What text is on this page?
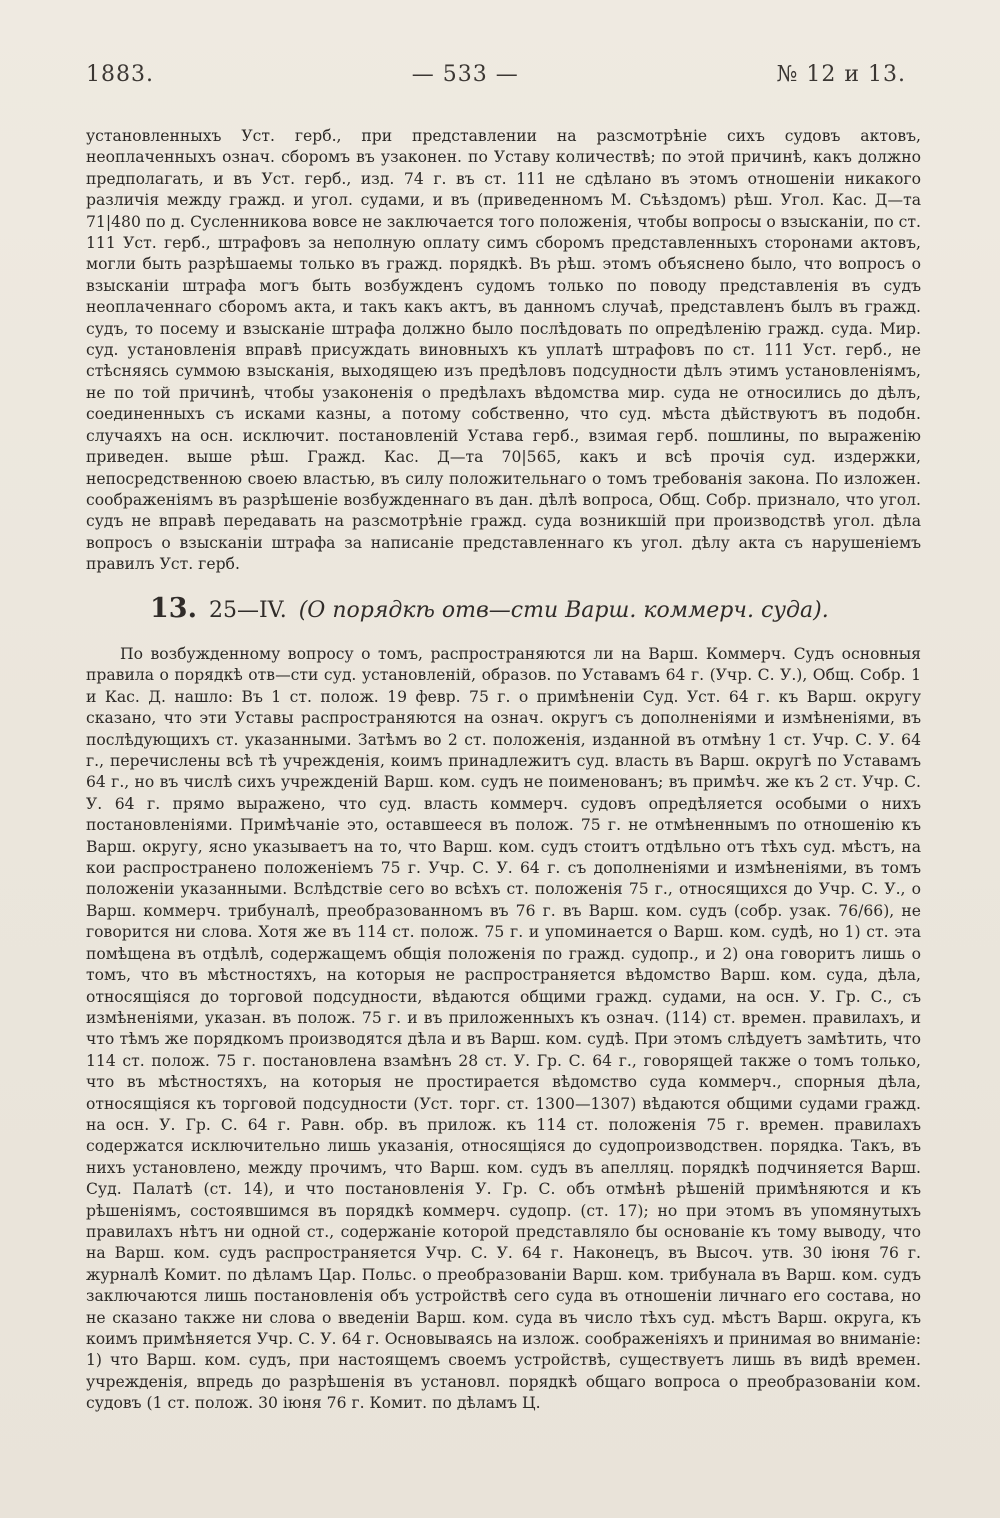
1883.	— 533 —	№ 12 и 13.

установленныхъ Уст. герб., при представлении на разсмотрѣніе сихъ судовъ актовъ, неоплаченныхъ означ. сборомъ въ узаконен. по Уставу количествѣ; по этой причинѣ, какъ должно предполагать, и въ Уст. герб., изд. 74 г. въ ст. 111 не сдѣлано въ этомъ отношеніи никакого различія между гражд. и угол. судами, и въ (приведенномъ М. Съѣздомъ) рѣш. Угол. Кас. Д—та 71|480 по д. Сусленникова вовсе не заключается того положенія, чтобы вопросы о взысканіи, по ст. 111 Уст. герб., штрафовъ за неполную оплату симъ сборомъ представленныхъ сторонами актовъ, могли быть разрѣшаемы только въ гражд. порядкѣ. Въ рѣш. этомъ объяснено было, что вопросъ о взысканіи штрафа могъ быть возбужденъ судомъ только по поводу представленія въ судъ неоплаченнаго сборомъ акта, и такъ какъ актъ, въ данномъ случаѣ, представленъ былъ въ гражд. судъ, то посему и взысканіе штрафа должно было послѣдовать по опредѣленію гражд. суда. Мир. суд. установленія вправѣ присуждать виновныхъ къ уплатѣ штрафовъ по ст. 111 Уст. герб., не стѣсняясь суммою взысканія, выходящею изъ предѣловъ подсудности дѣлъ этимъ установленіямъ, не по той причинѣ, чтобы узаконенія о предѣлахъ вѣдомства мир. суда не относились до дѣлъ, соединенныхъ съ исками казны, а потому собственно, что суд. мѣста дѣйствуютъ въ подобн. случаяхъ на осн. исключит. постановленій Устава герб., взимая герб. пошлины, по выраженію приведен. выше рѣш. Гражд. Кас. Д—та 70|565, какъ и всѣ прочія суд. издержки, непосредственною своею властью, въ силу положительнаго о томъ требованія закона. По изложен. соображеніямъ въ разрѣшеніе возбужденнаго въ дан. дѣлѣ вопроса, Общ. Собр. признало, что угол. судъ не вправѣ передавать на разсмотрѣніе гражд. суда возникшій при производствѣ угол. дѣла вопросъ о взысканіи штрафа за написаніе представленнаго къ угол. дѣлу акта съ нарушеніемъ правилъ Уст. герб.

13. 25—IV. (О порядкѣ отв—сти Варш. коммерч. суда).

По возбужденному вопросу о томъ, распространяются ли на Варш. Коммерч. Судъ основныя правила о порядкѣ отв—сти суд. установленій, образов. по Уставамъ 64 г. (Учр. С. У.), Общ. Собр. 1 и Кас. Д. нашло: Въ 1 ст. полож. 19 февр. 75 г. о примѣненіи Суд. Уст. 64 г. къ Варш. округу сказано, что эти Уставы распространяются на означ. округъ съ дополненіями и измѣненіями, въ послѣдующихъ ст. указанными. Затѣмъ во 2 ст. положенія, изданной въ отмѣну 1 ст. Учр. С. У. 64 г., перечислены всѣ тѣ учрежденія, коимъ принадлежитъ суд. власть въ Варш. округѣ по Уставамъ 64 г., но въ числѣ сихъ учрежденій Варш. ком. судъ не поименованъ; въ примѣч. же къ 2 ст. Учр. С. У. 64 г. прямо выражено, что суд. власть коммерч. судовъ опредѣляется особыми о нихъ постановленіями. Примѣчаніе это, оставшееся въ полож. 75 г. не отмѣненнымъ по отношенію къ Варш. округу, ясно указываетъ на то, что Варш. ком. судъ стоитъ отдѣльно отъ тѣхъ суд. мѣстъ, на кои распространено положеніемъ 75 г. Учр. С. У. 64 г. съ дополненіями и измѣненіями, въ томъ положеніи указанными. Вслѣдствіе сего во всѣхъ ст. положенія 75 г., относящихся до Учр. С. У., о Варш. коммерч. трибуналѣ, преобразованномъ въ 76 г. въ Варш. ком. судъ (собр. узак. 76/66), не говорится ни слова. Хотя же въ 114 ст. полож. 75 г. и упоминается о Варш. ком. судѣ, но 1) ст. эта помѣщена въ отдѣлѣ, содержащемъ общія положенія по гражд. судопр., и 2) она говоритъ лишь о томъ, что въ мѣстностяхъ, на которыя не распространяется вѣдомство Варш. ком. суда, дѣла, относящіяся до торговой подсудности, вѣдаются общими гражд. судами, на осн. У. Гр. С., съ измѣненіями, указан. въ полож. 75 г. и въ приложенныхъ къ означ. (114) ст. времен. правилахъ, и что тѣмъ же порядкомъ производятся дѣла и въ Варш. ком. судѣ. При этомъ слѣдуетъ замѣтить, что 114 ст. полож. 75 г. постановлена взамѣнъ 28 ст. У. Гр. С. 64 г., говорящей также о томъ только, что въ мѣстностяхъ, на которыя не простирается вѣдомство суда коммерч., спорныя дѣла, относящіяся къ торговой подсудности (Уст. торг. ст. 1300—1307) вѣдаются общими судами гражд. на осн. У. Гр. С. 64 г. Равн. обр. въ прилож. къ 114 ст. положенія 75 г. времен. правилахъ содержатся исключительно лишь указанія, относящіяся до судопроизводствен. порядка. Такъ, въ нихъ установлено, между прочимъ, что Варш. ком. судъ въ апелляц. порядкѣ подчиняется Варш. Суд. Палатѣ (ст. 14), и что постановленія У. Гр. С. объ отмѣнѣ рѣшеній примѣняются и къ рѣшеніямъ, состоявшимся въ порядкѣ коммерч. судопр. (ст. 17); но при этомъ въ упомянутыхъ правилахъ нѣтъ ни одной ст., содержаніе которой представляло бы основаніе къ тому выводу, что на Варш. ком. судъ распространяется Учр. С. У. 64 г. Наконецъ, въ Высоч. утв. 30 іюня 76 г. журналѣ Комит. по дѣламъ Цар. Польс. о преобразованіи Варш. ком. трибунала въ Варш. ком. судъ заключаются лишь постановленія объ устройствѣ сего суда въ отношеніи личнаго его состава, но не сказано также ни слова о введеніи Варш. ком. суда въ число тѣхъ суд. мѣстъ Варш. округа, къ коимъ примѣняется Учр. С. У. 64 г. Основываясь на излож. соображеніяхъ и принимая во вниманіе: 1) что Варш. ком. судъ, при настоящемъ своемъ устройствѣ, существуетъ лишь въ видѣ времен. учрежденія, впредь до разрѣшенія въ установл. порядкѣ общаго вопроса о преобразованіи ком. судовъ (1 ст. полож. 30 іюня 76 г. Комит. по дѣламъ Ц.
